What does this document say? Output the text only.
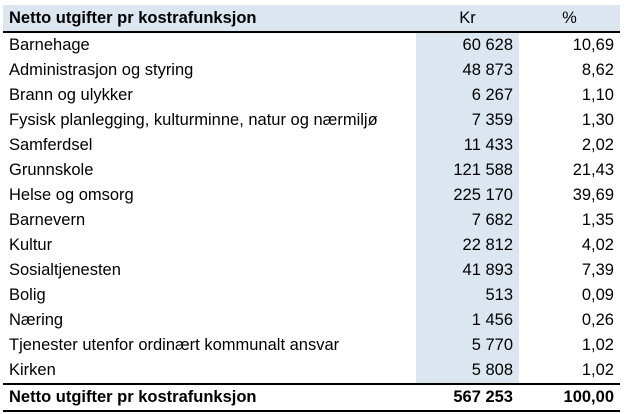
Netto utgifter pr kostrafunksjon	Kr	%
Barnehage	60 628	10,69
Administrasjon og styring	48 873	8,62
Brann og ulykker	6 267	1,10
Fysisk planlegging, kulturminne, natur og nærmiljø	7 359	1,30
Samferdsel	11 433	2,02
Grunnskole	121 588	21,43
Helse og omsorg	225 170	39,69
Barnevern	7 682	1,35
Kultur	22 812	4,02
Sosialtjenesten	41 893	7,39
Bolig	513	0,09
Næring	1 456	0,26
Tjenester utenfor ordinært kommunalt ansvar	5 770	1,02
Kirken	5 808	1,02
Netto utgifter pr kostrafunksjon	567 253	100,00
